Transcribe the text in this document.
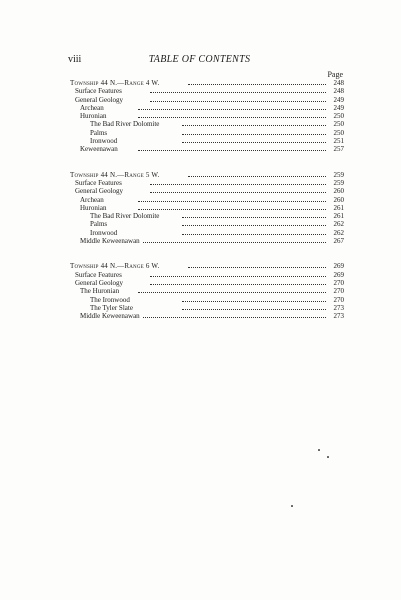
viii	TABLE OF CONTENTS
Page
Township 44 N.—Range 4 W.	248
Surface Features	248
General Geology	249
Archean	249
Huronian	250
The Bad River Dolomite	250
Palms	250
Ironwood	251
Keweenawan	257
Township 44 N.—Range 5 W.	259
Surface Features	259
General Geology	260
Archean	260
Huronian	261
The Bad River Dolomite	261
Palms	262
Ironwood	262
Middle Keweenawan	267
Township 44 N.—Range 6 W.	269
Surface Features	269
General Geology	270
The Huronian	270
The Ironwood	270
The Tyler Slate	273
Middle Keweenawan	273
